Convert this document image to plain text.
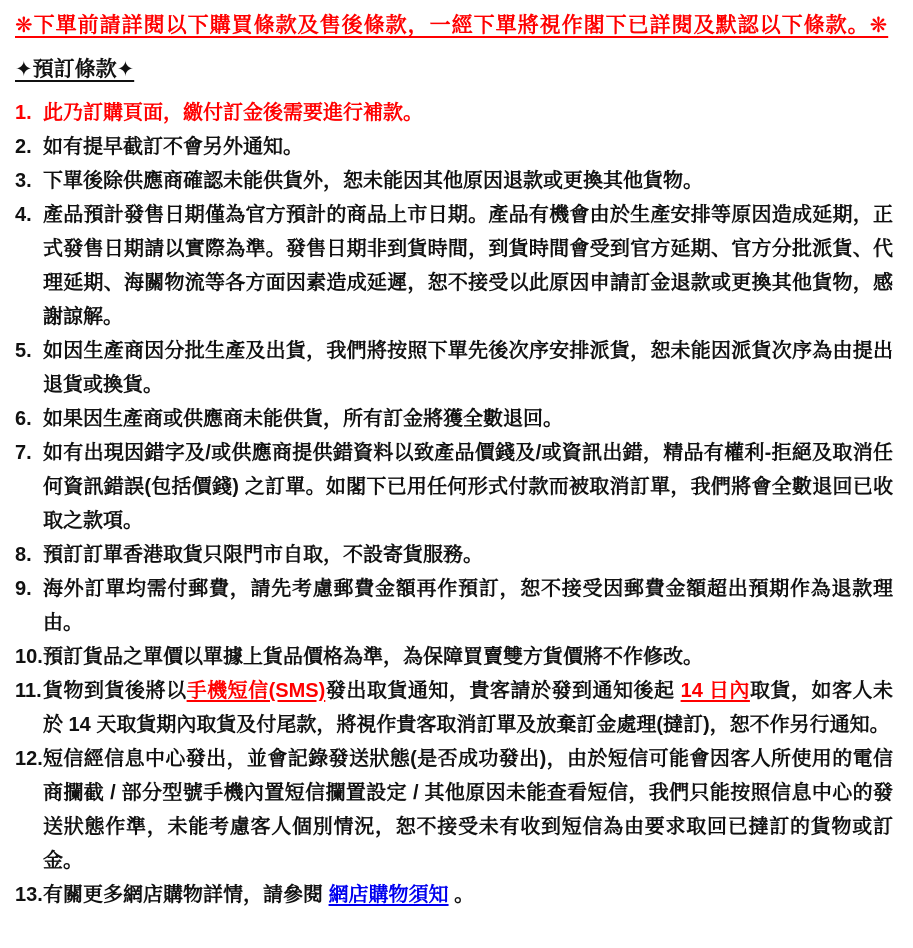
❋下單前請詳閱以下購買條款及售後條款，一經下單將視作閣下已詳閱及默認以下條款。❋
✦預訂條款✦
1. 此乃訂購頁面，繳付訂金後需要進行補款。
2. 如有提早截訂不會另外通知。
3. 下單後除供應商確認未能供貨外，恕未能因其他原因退款或更換其他貨物。
4. 產品預計發售日期僅為官方預計的商品上市日期。產品有機會由於生產安排等原因造成延期，正式發售日期請以實際為準。發售日期非到貨時間，到貨時間會受到官方延期、官方分批派貨、代理延期、海關物流等各方面因素造成延遲，恕不接受以此原因申請訂金退款或更換其他貨物，感謝諒解。
5. 如因生產商因分批生產及出貨，我們將按照下單先後次序安排派貨，恕未能因派貨次序為由提出退貨或換貨。
6. 如果因生產商或供應商未能供貨，所有訂金將獲全數退回。
7. 如有出現因錯字及/或供應商提供錯資料以致產品價錢及/或資訊出錯，精品有權利-拒絕及取消任何資訊錯誤(包括價錢) 之訂單。如閣下已用任何形式付款而被取消訂單，我們將會全數退回已收取之款項。
8. 預訂訂單香港取貨只限門市自取，不設寄貨服務。
9. 海外訂單均需付郵費，請先考慮郵費金額再作預訂，恕不接受因郵費金額超出預期作為退款理由。
10. 預訂貨品之單價以單據上貨品價格為準，為保障買賣雙方貨價將不作修改。
11. 貨物到貨後將以手機短信(SMS)發出取貨通知，貴客請於發到通知後起 14 日內取貨，如客人未於 14 天取貨期內取貨及付尾款，將視作貴客取消訂單及放棄訂金處理(撻訂)，恕不作另行通知。
12. 短信經信息中心發出，並會記錄發送狀態(是否成功發出)，由於短信可能會因客人所使用的電信商攔截 / 部分型號手機內置短信攔置設定 / 其他原因未能查看短信，我們只能按照信息中心的發送狀態作準，未能考慮客人個別情況，恕不接受未有收到短信為由要求取回已撻訂的貨物或訂金。
13. 有關更多網店購物詳情，請參閱 網店購物須知 。
